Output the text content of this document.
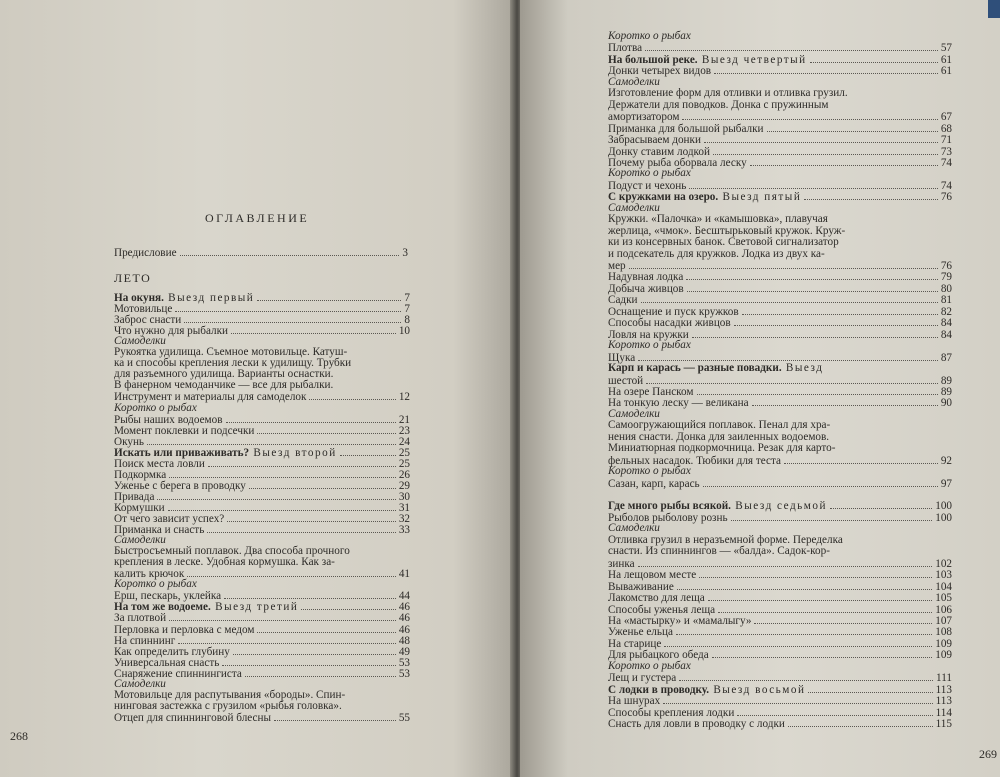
ОГЛАВЛЕНИЕ
Предисловие	3
ЛЕТО
На окуня. Выезд первый	7
Мотовильце	7
Заброс снасти	8
Что нужно для рыбалки	10
Самоделки
Рукоятка удилища. Съемное мотовильце. Катуш-
ка и способы крепления лески к удилищу. Трубки
для разъемного удилища. Варианты оснастки.
В фанерном чемоданчике — все для рыбалки.
Инструмент и материалы для самоделок	12
Коротко о рыбах
Рыбы наших водоемов	21
Момент поклевки и подсечки	23
Окунь	24
Искать или приваживать? Выезд второй	25
Поиск места ловли	25
Подкормка	26
Уженье с берега в проводку	29
Привада	30
Кормушки	31
От чего зависит успех?	32
Приманка и снасть	33
Самоделки
Быстросъемный поплавок. Два способа прочного
крепления в леске. Удобная кормушка. Как за-
калить крючок	41
Коротко о рыбах
Ерш, пескарь, уклейка	44
На том же водоеме. Выезд третий	46
За плотвой	46
Перловка и перловка с медом	46
На спиннинг	48
Как определить глубину	49
Универсальная снасть	53
Снаряжение спиннингиста	53
Самоделки
Мотовильце для распутывания «бороды». Спин-
нинговая застежка с грузилом «рыбья головка».
Отцеп для спиннинговой блесны	55
268
Коротко о рыбах
Плотва	57
На большой реке. Выезд четвертый	61
Донки четырех видов	61
Самоделки
Изготовление форм для отливки и отливка грузил.
Держатели для поводков. Донка с пружинным
амортизатором	67
Приманка для большой рыбалки	68
Забрасываем донки	71
Донку ставим лодкой	73
Почему рыба оборвала леску	74
Коротко о рыбах
Подуст и чехонь	74
С кружками на озеро. Выезд пятый	76
Самоделки
Кружки. «Палочка» и «камышовка», плавучая
жерлица, «чмок». Бесштырьковый кружок. Круж-
ки из консервных банок. Световой сигнализатор
и подсекатель для кружков. Лодка из двух ка-
мер	76
Надувная лодка	79
Добыча живцов	80
Садки	81
Оснащение и пуск кружков	82
Способы насадки живцов	84
Ловля на кружки	84
Коротко о рыбах
Щука	87
Карп и карась — разные повадки. Выезд
шестой	89
На озере Панском	89
На тонкую леску — великана	90
Самоделки
Самоогружающийся поплавок. Пенал для хра-
нения снасти. Донка для заиленных водоемов.
Миниатюрная подкормочница. Резак для карто-
фельных насадок. Тюбики для теста	92
Коротко о рыбах
Сазан, карп, карась	97
Где много рыбы всякой. Выезд седьмой	100
Рыболов рыболову рознь	100
Самоделки
Отливка грузил в неразъемной форме. Переделка
снасти. Из спиннингов — «балда». Садок-кор-
зинка	102
На лещовом месте	103
Вываживание	104
Лакомство для леща	105
Способы уженья леща	106
На «мастырку» и «мамалыгу»	107
Уженье ельца	108
На старице	109
Для рыбацкого обеда	109
Коротко о рыбах
Лещ и густера	111
С лодки в проводку. Выезд восьмой	113
На шнурах	113
Способы крепления лодки	114
Снасть для ловли в проводку с лодки	115
269
